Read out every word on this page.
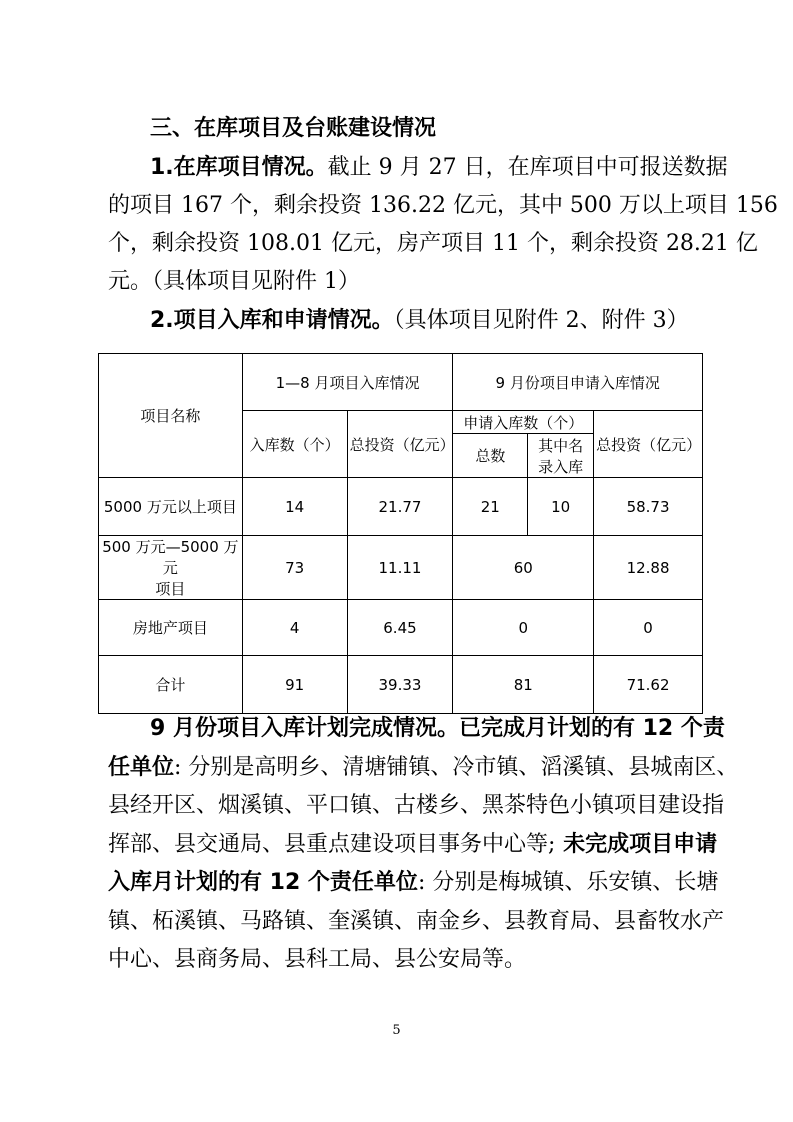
三、在库项目及台账建设情况
1.在库项目情况。截止 9 月 27 日，在库项目中可报送数据
的项目 167 个，剩余投资 136.22 亿元，其中 500 万以上项目 156
个，剩余投资 108.01 亿元，房产项目 11 个，剩余投资 28.21 亿
元。（具体项目见附件 1）
2.项目入库和申请情况。（具体项目见附件 2、附件 3）
项目名称	1—8 月项目入库情况		9 月份项目申请入库情况		
	入库数（个）	总投资（亿元）	申请入库数（个）		总投资（亿元）
			总数	其中名
录入库	
5000 万元以上项目	14	21.77	21	10	58.73
500 万元—5000 万元
项目	73	11.11	60		12.88
房地产项目	4	6.45	0		0
合计	91	39.33	81		71.62
9 月份项目入库计划完成情况。已完成月计划的有 12 个责
任单位: 分别是高明乡、清塘铺镇、冷市镇、滔溪镇、县城南区、
县经开区、烟溪镇、平口镇、古楼乡、黑茶特色小镇项目建设指
挥部、县交通局、县重点建设项目事务中心等; 未完成项目申请
入库月计划的有 12 个责任单位: 分别是梅城镇、乐安镇、长塘
镇、柘溪镇、马路镇、奎溪镇、南金乡、县教育局、县畜牧水产
中心、县商务局、县科工局、县公安局等。
5
